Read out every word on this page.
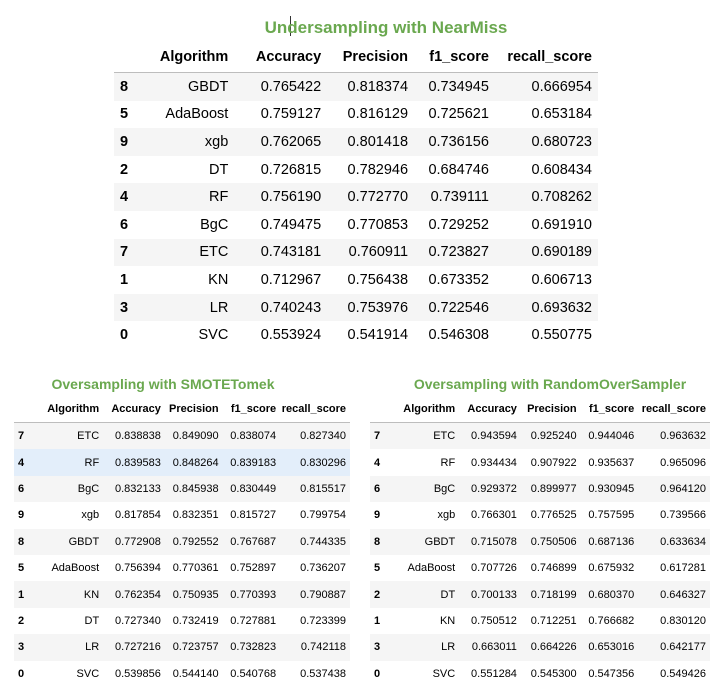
Undersampling with NearMiss
	Algorithm	Accuracy	Precision	f1_score	recall_score
8	GBDT	0.765422	0.818374	0.734945	0.666954
5	AdaBoost	0.759127	0.816129	0.725621	0.653184
9	xgb	0.762065	0.801418	0.736156	0.680723
2	DT	0.726815	0.782946	0.684746	0.608434
4	RF	0.756190	0.772770	0.739111	0.708262
6	BgC	0.749475	0.770853	0.729252	0.691910
7	ETC	0.743181	0.760911	0.723827	0.690189
1	KN	0.712967	0.756438	0.673352	0.606713
3	LR	0.740243	0.753976	0.722546	0.693632
0	SVC	0.553924	0.541914	0.546308	0.550775
Oversampling with SMOTETomek
	Algorithm	Accuracy	Precision	f1_score	recall_score
7	ETC	0.838838	0.849090	0.838074	0.827340
4	RF	0.839583	0.848264	0.839183	0.830296
6	BgC	0.832133	0.845938	0.830449	0.815517
9	xgb	0.817854	0.832351	0.815727	0.799754
8	GBDT	0.772908	0.792552	0.767687	0.744335
5	AdaBoost	0.756394	0.770361	0.752897	0.736207
1	KN	0.762354	0.750935	0.770393	0.790887
2	DT	0.727340	0.732419	0.727881	0.723399
3	LR	0.727216	0.723757	0.732823	0.742118
0	SVC	0.539856	0.544140	0.540768	0.537438
Oversampling with RandomOverSampler
	Algorithm	Accuracy	Precision	f1_score	recall_score
7	ETC	0.943594	0.925240	0.944046	0.963632
4	RF	0.934434	0.907922	0.935637	0.965096
6	BgC	0.929372	0.899977	0.930945	0.964120
9	xgb	0.766301	0.776525	0.757595	0.739566
8	GBDT	0.715078	0.750506	0.687136	0.633634
5	AdaBoost	0.707726	0.746899	0.675932	0.617281
2	DT	0.700133	0.718199	0.680370	0.646327
1	KN	0.750512	0.712251	0.766682	0.830120
3	LR	0.663011	0.664226	0.653016	0.642177
0	SVC	0.551284	0.545300	0.547356	0.549426
